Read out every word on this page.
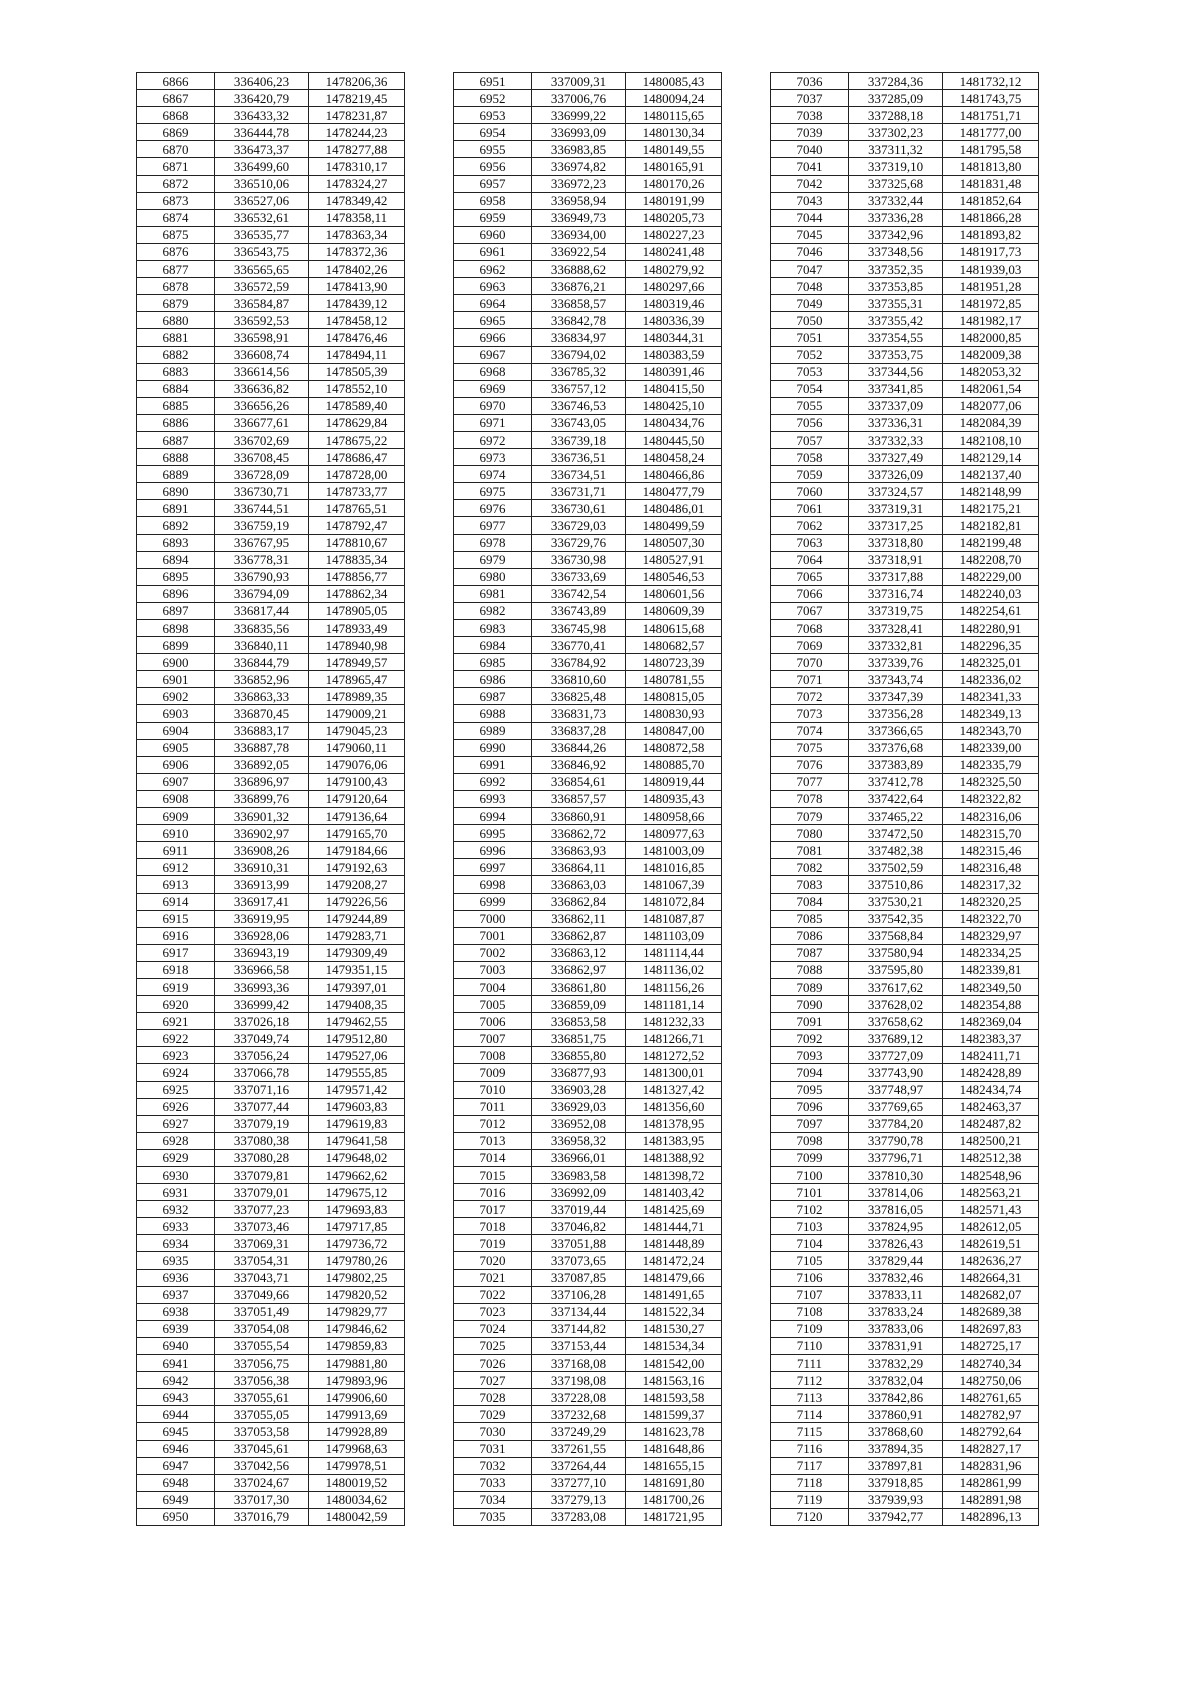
6866	336406,23	1478206,36
6867	336420,79	1478219,45
6868	336433,32	1478231,87
6869	336444,78	1478244,23
6870	336473,37	1478277,88
6871	336499,60	1478310,17
6872	336510,06	1478324,27
6873	336527,06	1478349,42
6874	336532,61	1478358,11
6875	336535,77	1478363,34
6876	336543,75	1478372,36
6877	336565,65	1478402,26
6878	336572,59	1478413,90
6879	336584,87	1478439,12
6880	336592,53	1478458,12
6881	336598,91	1478476,46
6882	336608,74	1478494,11
6883	336614,56	1478505,39
6884	336636,82	1478552,10
6885	336656,26	1478589,40
6886	336677,61	1478629,84
6887	336702,69	1478675,22
6888	336708,45	1478686,47
6889	336728,09	1478728,00
6890	336730,71	1478733,77
6891	336744,51	1478765,51
6892	336759,19	1478792,47
6893	336767,95	1478810,67
6894	336778,31	1478835,34
6895	336790,93	1478856,77
6896	336794,09	1478862,34
6897	336817,44	1478905,05
6898	336835,56	1478933,49
6899	336840,11	1478940,98
6900	336844,79	1478949,57
6901	336852,96	1478965,47
6902	336863,33	1478989,35
6903	336870,45	1479009,21
6904	336883,17	1479045,23
6905	336887,78	1479060,11
6906	336892,05	1479076,06
6907	336896,97	1479100,43
6908	336899,76	1479120,64
6909	336901,32	1479136,64
6910	336902,97	1479165,70
6911	336908,26	1479184,66
6912	336910,31	1479192,63
6913	336913,99	1479208,27
6914	336917,41	1479226,56
6915	336919,95	1479244,89
6916	336928,06	1479283,71
6917	336943,19	1479309,49
6918	336966,58	1479351,15
6919	336993,36	1479397,01
6920	336999,42	1479408,35
6921	337026,18	1479462,55
6922	337049,74	1479512,80
6923	337056,24	1479527,06
6924	337066,78	1479555,85
6925	337071,16	1479571,42
6926	337077,44	1479603,83
6927	337079,19	1479619,83
6928	337080,38	1479641,58
6929	337080,28	1479648,02
6930	337079,81	1479662,62
6931	337079,01	1479675,12
6932	337077,23	1479693,83
6933	337073,46	1479717,85
6934	337069,31	1479736,72
6935	337054,31	1479780,26
6936	337043,71	1479802,25
6937	337049,66	1479820,52
6938	337051,49	1479829,77
6939	337054,08	1479846,62
6940	337055,54	1479859,83
6941	337056,75	1479881,80
6942	337056,38	1479893,96
6943	337055,61	1479906,60
6944	337055,05	1479913,69
6945	337053,58	1479928,89
6946	337045,61	1479968,63
6947	337042,56	1479978,51
6948	337024,67	1480019,52
6949	337017,30	1480034,62
6950	337016,79	1480042,59
6951	337009,31	1480085,43
6952	337006,76	1480094,24
6953	336999,22	1480115,65
6954	336993,09	1480130,34
6955	336983,85	1480149,55
6956	336974,82	1480165,91
6957	336972,23	1480170,26
6958	336958,94	1480191,99
6959	336949,73	1480205,73
6960	336934,00	1480227,23
6961	336922,54	1480241,48
6962	336888,62	1480279,92
6963	336876,21	1480297,66
6964	336858,57	1480319,46
6965	336842,78	1480336,39
6966	336834,97	1480344,31
6967	336794,02	1480383,59
6968	336785,32	1480391,46
6969	336757,12	1480415,50
6970	336746,53	1480425,10
6971	336743,05	1480434,76
6972	336739,18	1480445,50
6973	336736,51	1480458,24
6974	336734,51	1480466,86
6975	336731,71	1480477,79
6976	336730,61	1480486,01
6977	336729,03	1480499,59
6978	336729,76	1480507,30
6979	336730,98	1480527,91
6980	336733,69	1480546,53
6981	336742,54	1480601,56
6982	336743,89	1480609,39
6983	336745,98	1480615,68
6984	336770,41	1480682,57
6985	336784,92	1480723,39
6986	336810,60	1480781,55
6987	336825,48	1480815,05
6988	336831,73	1480830,93
6989	336837,28	1480847,00
6990	336844,26	1480872,58
6991	336846,92	1480885,70
6992	336854,61	1480919,44
6993	336857,57	1480935,43
6994	336860,91	1480958,66
6995	336862,72	1480977,63
6996	336863,93	1481003,09
6997	336864,11	1481016,85
6998	336863,03	1481067,39
6999	336862,84	1481072,84
7000	336862,11	1481087,87
7001	336862,87	1481103,09
7002	336863,12	1481114,44
7003	336862,97	1481136,02
7004	336861,80	1481156,26
7005	336859,09	1481181,14
7006	336853,58	1481232,33
7007	336851,75	1481266,71
7008	336855,80	1481272,52
7009	336877,93	1481300,01
7010	336903,28	1481327,42
7011	336929,03	1481356,60
7012	336952,08	1481378,95
7013	336958,32	1481383,95
7014	336966,01	1481388,92
7015	336983,58	1481398,72
7016	336992,09	1481403,42
7017	337019,44	1481425,69
7018	337046,82	1481444,71
7019	337051,88	1481448,89
7020	337073,65	1481472,24
7021	337087,85	1481479,66
7022	337106,28	1481491,65
7023	337134,44	1481522,34
7024	337144,82	1481530,27
7025	337153,44	1481534,34
7026	337168,08	1481542,00
7027	337198,08	1481563,16
7028	337228,08	1481593,58
7029	337232,68	1481599,37
7030	337249,29	1481623,78
7031	337261,55	1481648,86
7032	337264,44	1481655,15
7033	337277,10	1481691,80
7034	337279,13	1481700,26
7035	337283,08	1481721,95
7036	337284,36	1481732,12
7037	337285,09	1481743,75
7038	337288,18	1481751,71
7039	337302,23	1481777,00
7040	337311,32	1481795,58
7041	337319,10	1481813,80
7042	337325,68	1481831,48
7043	337332,44	1481852,64
7044	337336,28	1481866,28
7045	337342,96	1481893,82
7046	337348,56	1481917,73
7047	337352,35	1481939,03
7048	337353,85	1481951,28
7049	337355,31	1481972,85
7050	337355,42	1481982,17
7051	337354,55	1482000,85
7052	337353,75	1482009,38
7053	337344,56	1482053,32
7054	337341,85	1482061,54
7055	337337,09	1482077,06
7056	337336,31	1482084,39
7057	337332,33	1482108,10
7058	337327,49	1482129,14
7059	337326,09	1482137,40
7060	337324,57	1482148,99
7061	337319,31	1482175,21
7062	337317,25	1482182,81
7063	337318,80	1482199,48
7064	337318,91	1482208,70
7065	337317,88	1482229,00
7066	337316,74	1482240,03
7067	337319,75	1482254,61
7068	337328,41	1482280,91
7069	337332,81	1482296,35
7070	337339,76	1482325,01
7071	337343,74	1482336,02
7072	337347,39	1482341,33
7073	337356,28	1482349,13
7074	337366,65	1482343,70
7075	337376,68	1482339,00
7076	337383,89	1482335,79
7077	337412,78	1482325,50
7078	337422,64	1482322,82
7079	337465,22	1482316,06
7080	337472,50	1482315,70
7081	337482,38	1482315,46
7082	337502,59	1482316,48
7083	337510,86	1482317,32
7084	337530,21	1482320,25
7085	337542,35	1482322,70
7086	337568,84	1482329,97
7087	337580,94	1482334,25
7088	337595,80	1482339,81
7089	337617,62	1482349,50
7090	337628,02	1482354,88
7091	337658,62	1482369,04
7092	337689,12	1482383,37
7093	337727,09	1482411,71
7094	337743,90	1482428,89
7095	337748,97	1482434,74
7096	337769,65	1482463,37
7097	337784,20	1482487,82
7098	337790,78	1482500,21
7099	337796,71	1482512,38
7100	337810,30	1482548,96
7101	337814,06	1482563,21
7102	337816,05	1482571,43
7103	337824,95	1482612,05
7104	337826,43	1482619,51
7105	337829,44	1482636,27
7106	337832,46	1482664,31
7107	337833,11	1482682,07
7108	337833,24	1482689,38
7109	337833,06	1482697,83
7110	337831,91	1482725,17
7111	337832,29	1482740,34
7112	337832,04	1482750,06
7113	337842,86	1482761,65
7114	337860,91	1482782,97
7115	337868,60	1482792,64
7116	337894,35	1482827,17
7117	337897,81	1482831,96
7118	337918,85	1482861,99
7119	337939,93	1482891,98
7120	337942,77	1482896,13
